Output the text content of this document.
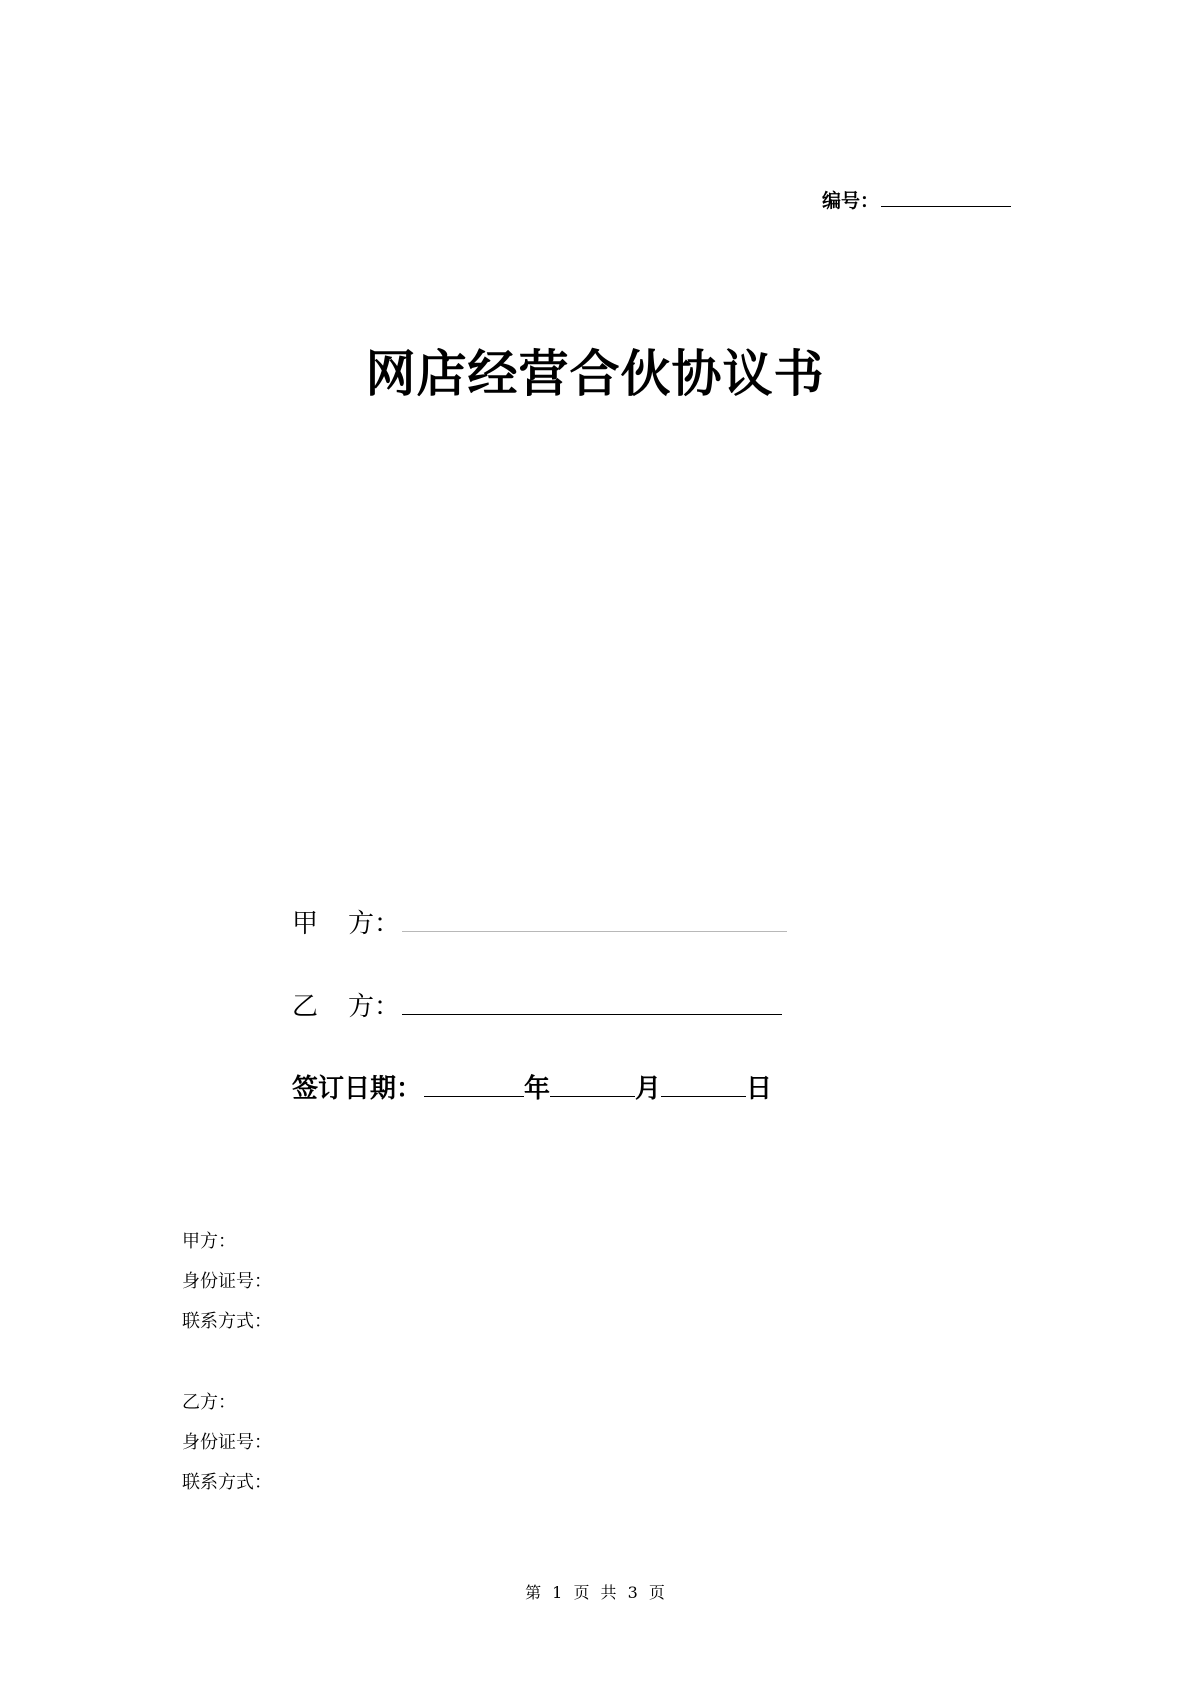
编号：
网店经营合伙协议书
甲 方：
乙 方：
签订日期：	年	月	日
甲方：
身份证号：
联系方式：
乙方：
身份证号：
联系方式：
第 1 页 共 3 页
